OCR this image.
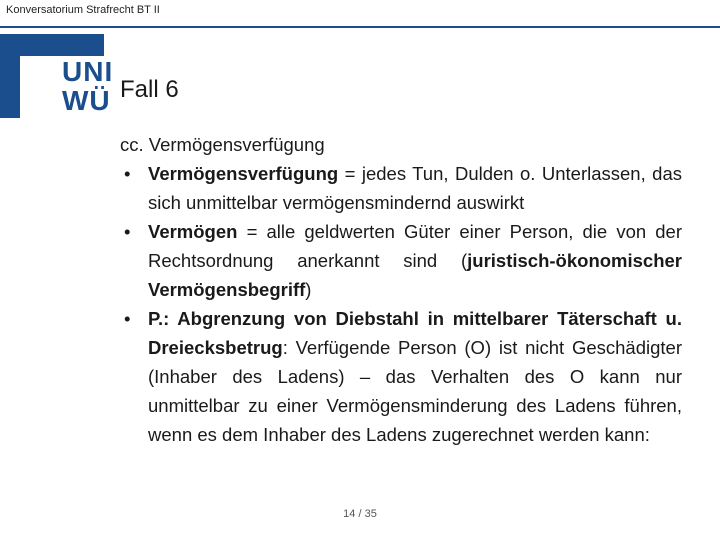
Konversatorium Strafrecht BT II
UNI
WÜ Fall 6

cc. Vermögensverfügung

• Vermögensverfügung = jedes Tun, Dulden o. Unterlassen, das sich unmittelbar vermögensmindernd auswirkt
• Vermögen = alle geldwerten Güter einer Person, die von der Rechtsordnung anerkannt sind (juristisch-ökonomischer Vermögensbegriff)
• P.: Abgrenzung von Diebstahl in mittelbarer Täterschaft u. Dreiecksbetrug: Verfügende Person (O) ist nicht Geschädigter (Inhaber des Ladens) – das Verhalten des O kann nur unmittelbar zu einer Vermögensminderung des Ladens führen, wenn es dem Inhaber des Ladens zugerechnet werden kann:
14 / 35
